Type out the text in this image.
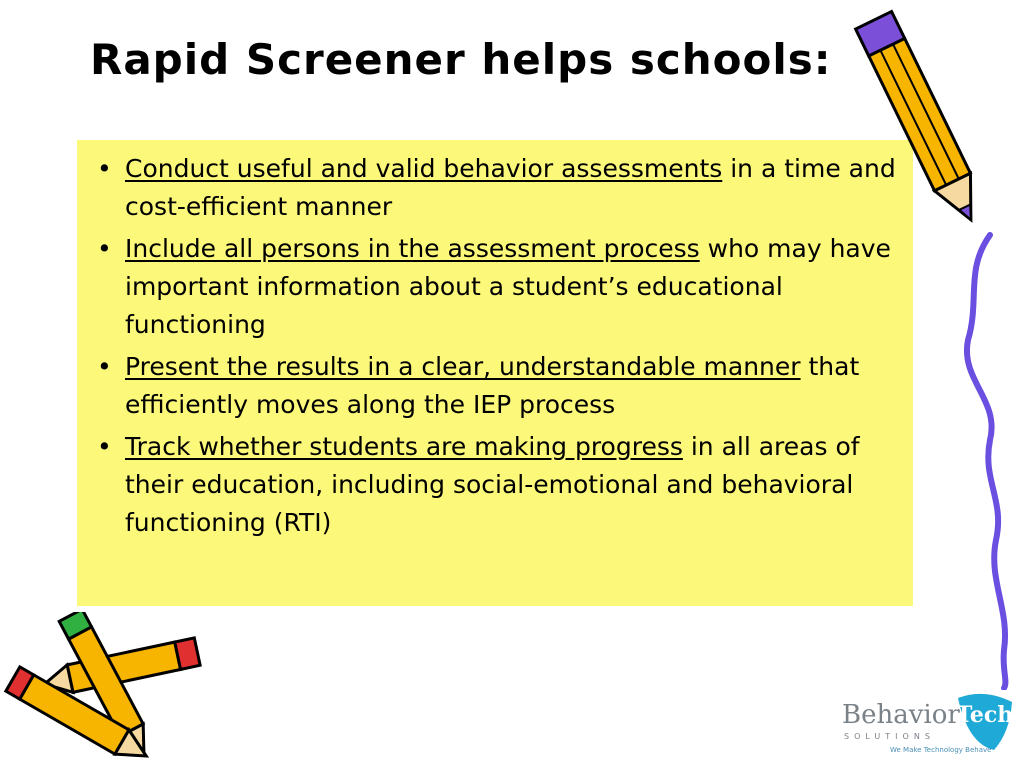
Rapid Screener helps schools:
• Conduct useful and valid behavior assessments in a time and cost-efficient manner
• Include all persons in the assessment process who may have important information about a student’s educational functioning
• Present the results in a clear, understandable manner that efficiently moves along the IEP process
• Track whether students are making progress in all areas of their education, including social-emotional and behavioral functioning (RTI)
Behavior
Tech
SOLUTIONS
We Make Technology Behave
